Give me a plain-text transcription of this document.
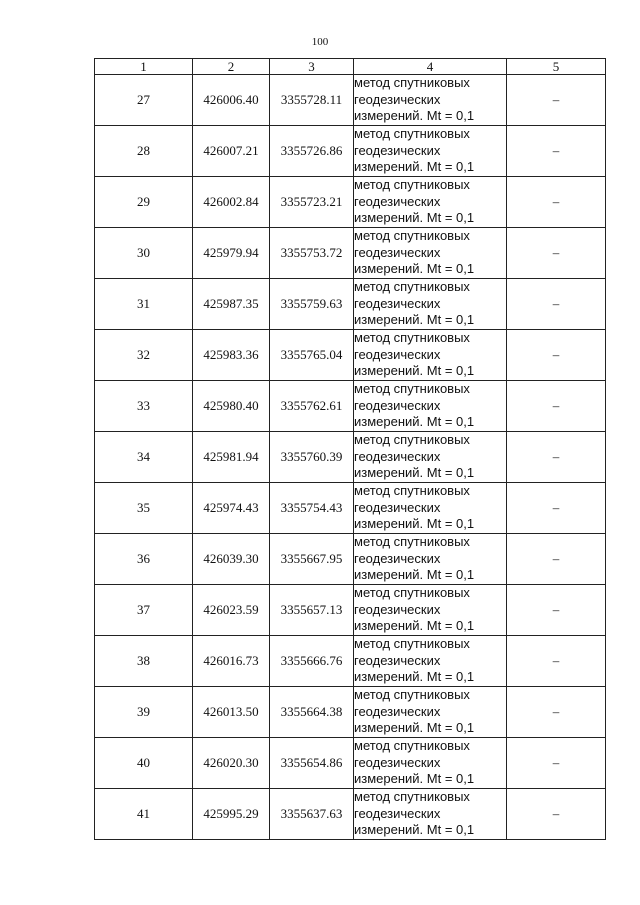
100
1	2	3	4	5
27	426006.40	3355728.11	метод спутниковых
геодезических
измерений. Mt = 0,1	–
28	426007.21	3355726.86	метод спутниковых
геодезических
измерений. Mt = 0,1	–
29	426002.84	3355723.21	метод спутниковых
геодезических
измерений. Mt = 0,1	–
30	425979.94	3355753.72	метод спутниковых
геодезических
измерений. Mt = 0,1	–
31	425987.35	3355759.63	метод спутниковых
геодезических
измерений. Mt = 0,1	–
32	425983.36	3355765.04	метод спутниковых
геодезических
измерений. Mt = 0,1	–
33	425980.40	3355762.61	метод спутниковых
геодезических
измерений. Mt = 0,1	–
34	425981.94	3355760.39	метод спутниковых
геодезических
измерений. Mt = 0,1	–
35	425974.43	3355754.43	метод спутниковых
геодезических
измерений. Mt = 0,1	–
36	426039.30	3355667.95	метод спутниковых
геодезических
измерений. Mt = 0,1	–
37	426023.59	3355657.13	метод спутниковых
геодезических
измерений. Mt = 0,1	–
38	426016.73	3355666.76	метод спутниковых
геодезических
измерений. Mt = 0,1	–
39	426013.50	3355664.38	метод спутниковых
геодезических
измерений. Mt = 0,1	–
40	426020.30	3355654.86	метод спутниковых
геодезических
измерений. Mt = 0,1	–
41	425995.29	3355637.63	метод спутниковых
геодезических
измерений. Mt = 0,1	–
